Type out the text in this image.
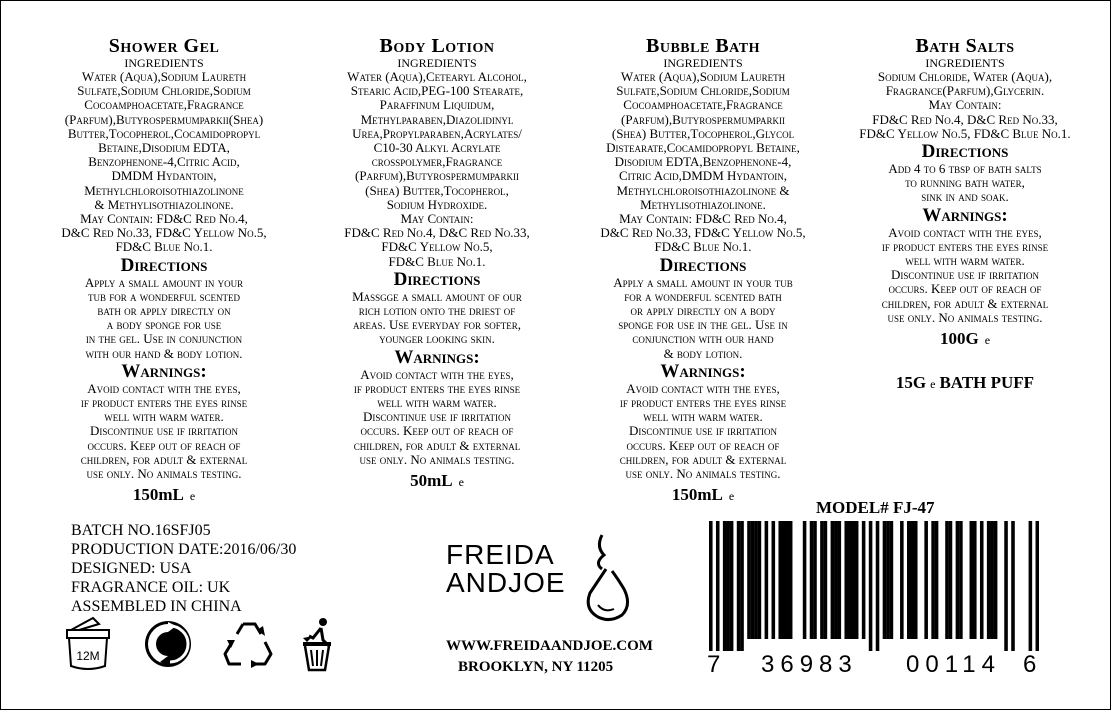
Shower Gel
INGREDIENTS
Water (Aqua),Sodium Laureth
Sulfate,Sodium Chloride,Sodium
Cocoamphoacetate,Fragrance
(Parfum),Butyrospermumparkii(Shea)
Butter,Tocopherol,Cocamidopropyl
Betaine,Disodium EDTA,
Benzophenone-4,Citric Acid,
DMDM Hydantoin,
Methylchloroisothiazolinone
& Methylisothiazolinone.
May Contain: FD&C Red No.4,
D&C Red No.33, FD&C Yellow No.5,
FD&C Blue No.1.
Directions
Apply a small amount in your
tub for a wonderful scented
bath or apply directly on
a body sponge for use
in the gel. Use in conjunction
with our hand & body lotion.
Warnings:
Avoid contact with the eyes,
if product enters the eyes rinse
well with warm water.
Discontinue use if irritation
occurs. Keep out of reach of
children, for adult & external
use only. No animals testing.
150mL e
Body Lotion
INGREDIENTS
Water (Aqua),Cetearyl Alcohol,
Stearic Acid,PEG-100 Stearate,
Paraffinum Liquidum,
Methylparaben,Diazolidinyl
Urea,Propylparaben,Acrylates/
C10-30 Alkyl Acrylate
crosspolymer,Fragrance
(Parfum),Butyrospermumparkii
(Shea) Butter,Tocopherol,
Sodium Hydroxide.
May Contain:
FD&C Red No.4, D&C Red No.33,
FD&C Yellow No.5,
FD&C Blue No.1.
Directions
Massgge a small amount of our
rich lotion onto the driest of
areas. Use everyday for softer,
younger looking skin.
Warnings:
Avoid contact with the eyes,
if product enters the eyes rinse
well with warm water.
Discontinue use if irritation
occurs. Keep out of reach of
children, for adult & external
use only. No animals testing.
50mL e
Bubble Bath
INGREDIENTS
Water (Aqua),Sodium Laureth
Sulfate,Sodium Chloride,Sodium
Cocoamphoacetate,Fragrance
(Parfum),Butyrospermumparkii
(Shea) Butter,Tocopherol,Glycol
Distearate,Cocamidopropyl Betaine,
Disodium EDTA,Benzophenone-4,
Citric Acid,DMDM Hydantoin,
Methylchloroisothiazolinone &
Methylisothiazolinone.
May Contain: FD&C Red No.4,
D&C Red No.33, FD&C Yellow No.5,
FD&C Blue No.1.
Directions
Apply a small amount in your tub
for a wonderful scented bath
or apply directly on a body
sponge for use in the gel. Use in
conjunction with our hand
& body lotion.
Warnings:
Avoid contact with the eyes,
if product enters the eyes rinse
well with warm water.
Discontinue use if irritation
occurs. Keep out of reach of
children, for adult & external
use only. No animals testing.
150mL e
Bath Salts
INGREDIENTS
Sodium Chloride, Water (Aqua),
Fragrance(Parfum),Glycerin.
May Contain:
FD&C Red No.4, D&C Red No.33,
FD&C Yellow No.5, FD&C Blue No.1.
Directions
Add 4 to 6 tbsp of bath salts
to running bath water,
sink in and soak.
Warnings:
Avoid contact with the eyes,
if product enters the eyes rinse
well with warm water.
Discontinue use if irritation
occurs. Keep out of reach of
children, for adult & external
use only. No animals testing.
100G e
15G e BATH PUFF
BATCH NO.16SFJ05
PRODUCTION DATE:2016/06/30
DESIGNED: USA
FRAGRANCE OIL: UK
ASSEMBLED IN CHINA
12M
FREIDA
ANDJOE
WWW.FREIDAANDJOE.COM
BROOKLYN, NY 11205
MODEL# FJ-47
7 36983 00114 6
